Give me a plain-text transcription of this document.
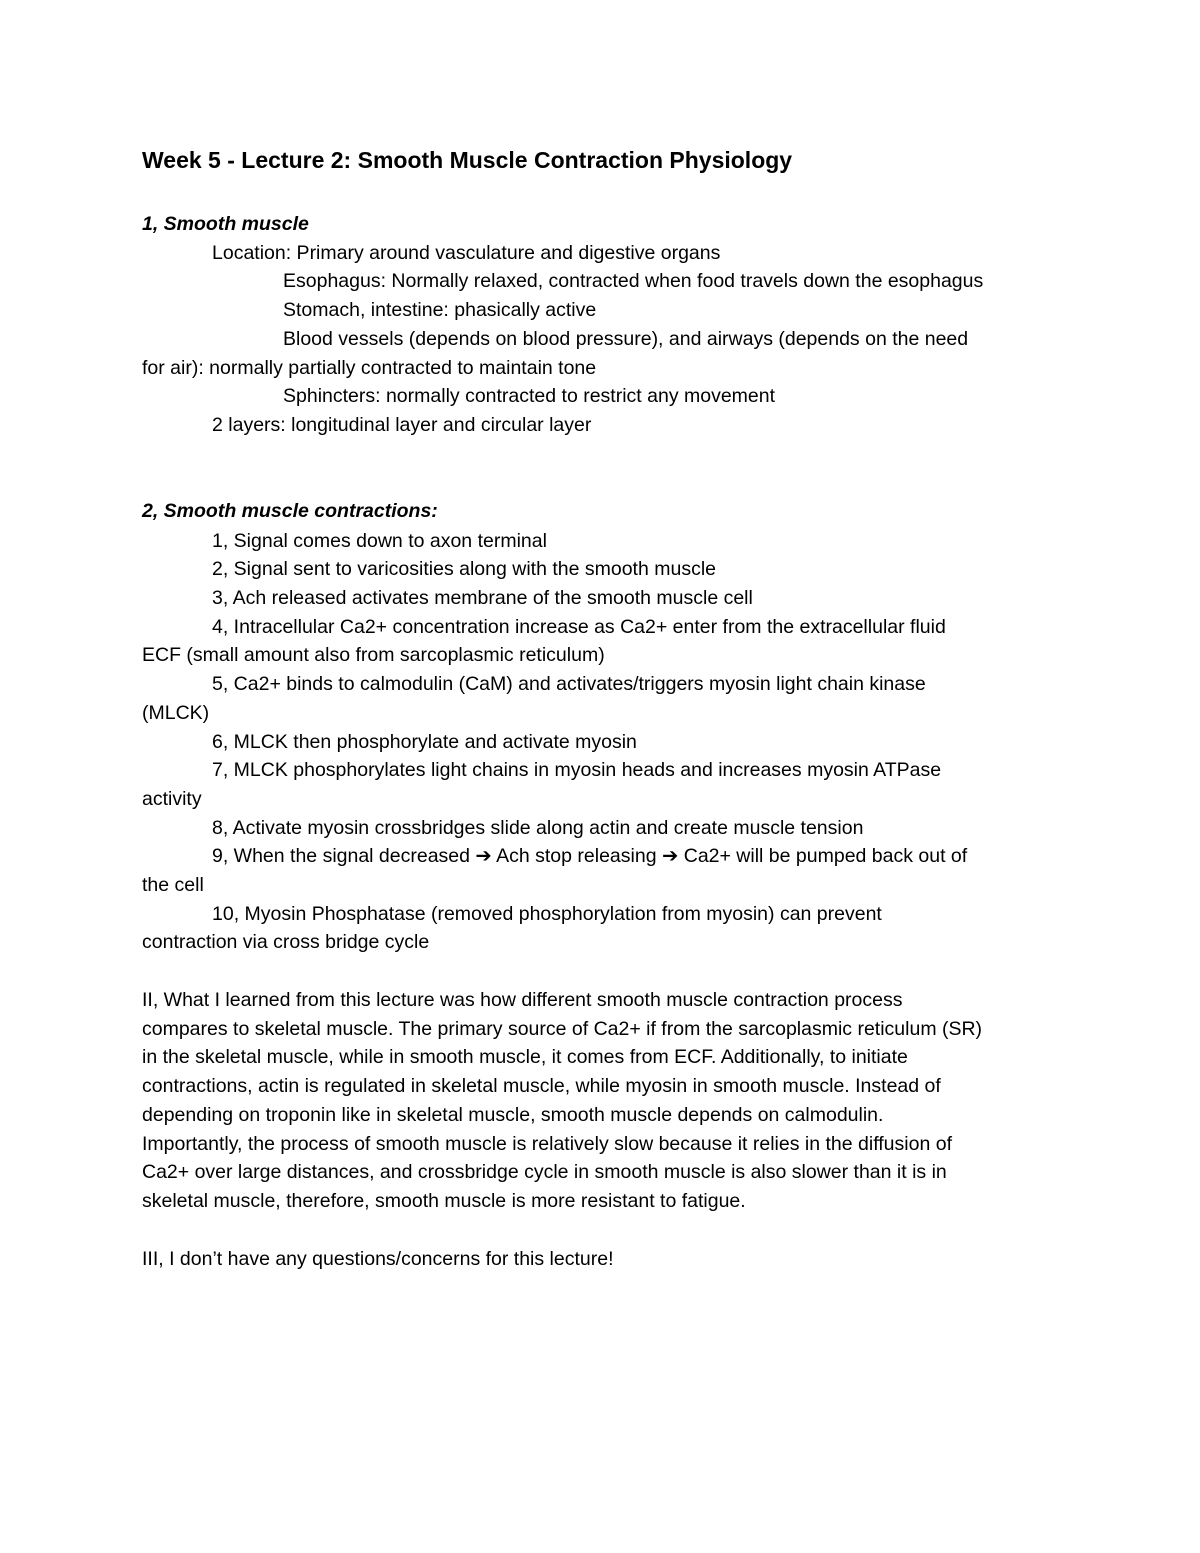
Week 5 - Lecture 2: Smooth Muscle Contraction Physiology
1, Smooth muscle
Location: Primary around vasculature and digestive organs
Esophagus: Normally relaxed, contracted when food travels down the esophagus
Stomach, intestine: phasically active
Blood vessels (depends on blood pressure), and airways (depends on the need
for air): normally partially contracted to maintain tone
Sphincters: normally contracted to restrict any movement
2 layers: longitudinal layer and circular layer
2, Smooth muscle contractions:
1, Signal comes down to axon terminal
2, Signal sent to varicosities along with the smooth muscle
3, Ach released activates membrane of the smooth muscle cell
4, Intracellular Ca2+ concentration increase as Ca2+ enter from the extracellular fluid
ECF (small amount also from sarcoplasmic reticulum)
5, Ca2+ binds to calmodulin (CaM) and activates/triggers myosin light chain kinase
(MLCK)
6, MLCK then phosphorylate and activate myosin
7, MLCK phosphorylates light chains in myosin heads and increases myosin ATPase
activity
8, Activate myosin crossbridges slide along actin and create muscle tension
9, When the signal decreased ➔ Ach stop releasing ➔ Ca2+ will be pumped back out of
the cell
10, Myosin Phosphatase (removed phosphorylation from myosin) can prevent
contraction via cross bridge cycle
II, What I learned from this lecture was how different smooth muscle contraction process
compares to skeletal muscle. The primary source of Ca2+ if from the sarcoplasmic reticulum (SR)
in the skeletal muscle, while in smooth muscle, it comes from ECF. Additionally, to initiate
contractions, actin is regulated in skeletal muscle, while myosin in smooth muscle. Instead of
depending on troponin like in skeletal muscle, smooth muscle depends on calmodulin.
Importantly, the process of smooth muscle is relatively slow because it relies in the diffusion of
Ca2+ over large distances, and crossbridge cycle in smooth muscle is also slower than it is in
skeletal muscle, therefore, smooth muscle is more resistant to fatigue.
III, I don’t have any questions/concerns for this lecture!
